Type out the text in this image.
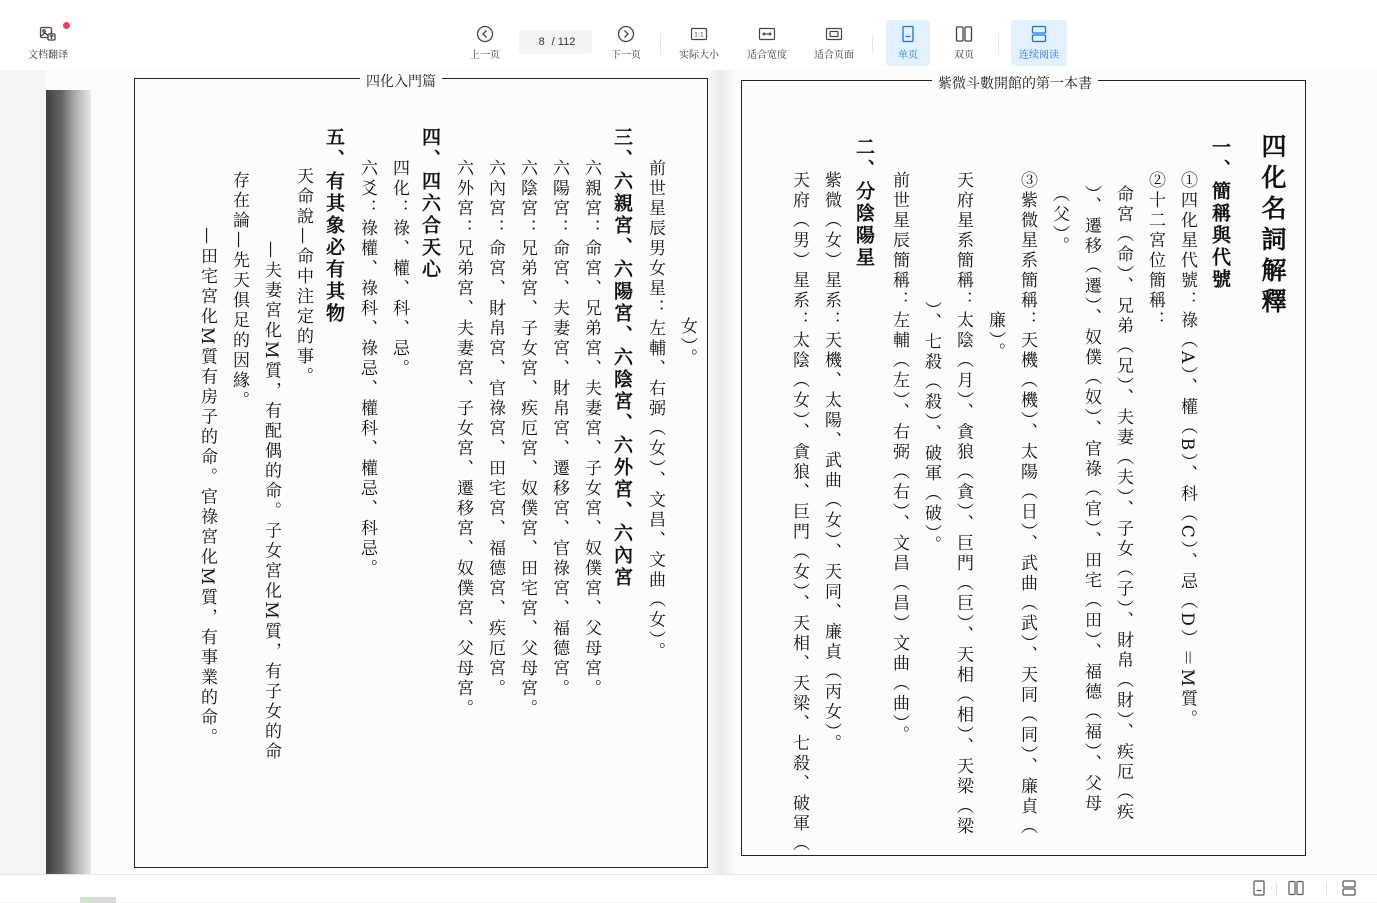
文档翻译	上一页
8 / 112
下一页
1:1
实际大小	适合宽度	适合页面	单页	双页	连续阅读
四化入門篇
女）。
前世星辰男女星：左輔、右弼（女）、文昌、文曲（女）。
三、六親宮、六陽宮、六陰宮、六外宮、六內宮
六親宮：命宮、兄弟宮、夫妻宮、子女宮、奴僕宮、父母宮。
六陽宮：命宮、夫妻宮、財帛宮、遷移宮、官祿宮、福德宮。
六陰宮：兄弟宮、子女宮、疾厄宮、奴僕宮、田宅宮、父母宮。
六內宮：命宮、財帛宮、官祿宮、田宅宮、福德宮、疾厄宮。
六外宮：兄弟宮、夫妻宮、子女宮、遷移宮、奴僕宮、父母宮。
四、四六合天心
四化：祿、權、科、忌。
六爻：祿權、祿科、祿忌、權科、權忌、科忌。
五、有其象必有其物
天命說—命中注定的事。
—夫妻宮化M質，有配偶的命。子女宮化M質，有子女的命
存在論—先天俱足的因緣。
—田宅宮化M質有房子的命。官祿宮化M質，有事業的命。
紫微斗數開館的第一本書
四化名詞解釋
一、簡稱與代號
①四化星代號：祿（A）、權（B）、科（C）、忌（D）＝M質。
②十二宮位簡稱：
命宮（命）、兄弟（兄）、夫妻（夫）、子女（子）、財帛（財）、疾厄（疾
）、遷移（遷）、奴僕（奴）、官祿（官）、田宅（田）、福德（福）、父母
（父）。
③紫微星系簡稱：天機（機）、太陽（日）、武曲（武）、天同（同）、廉貞（
廉）。
天府星系簡稱：太陰（月）、貪狼（貪）、巨門（巨）、天相（相）、天梁（梁
）、七殺（殺）、破軍（破）。
前世星辰簡稱：左輔（左）、右弼（右）、文昌（昌）文曲（曲）。
二、分陰陽星
紫微（女）星系：天機、太陽、武曲（女）、天同、廉貞（丙女）。
天府（男）星系：太陰（女）、貪狼、巨門（女）、天相、天梁、七殺、破軍（
